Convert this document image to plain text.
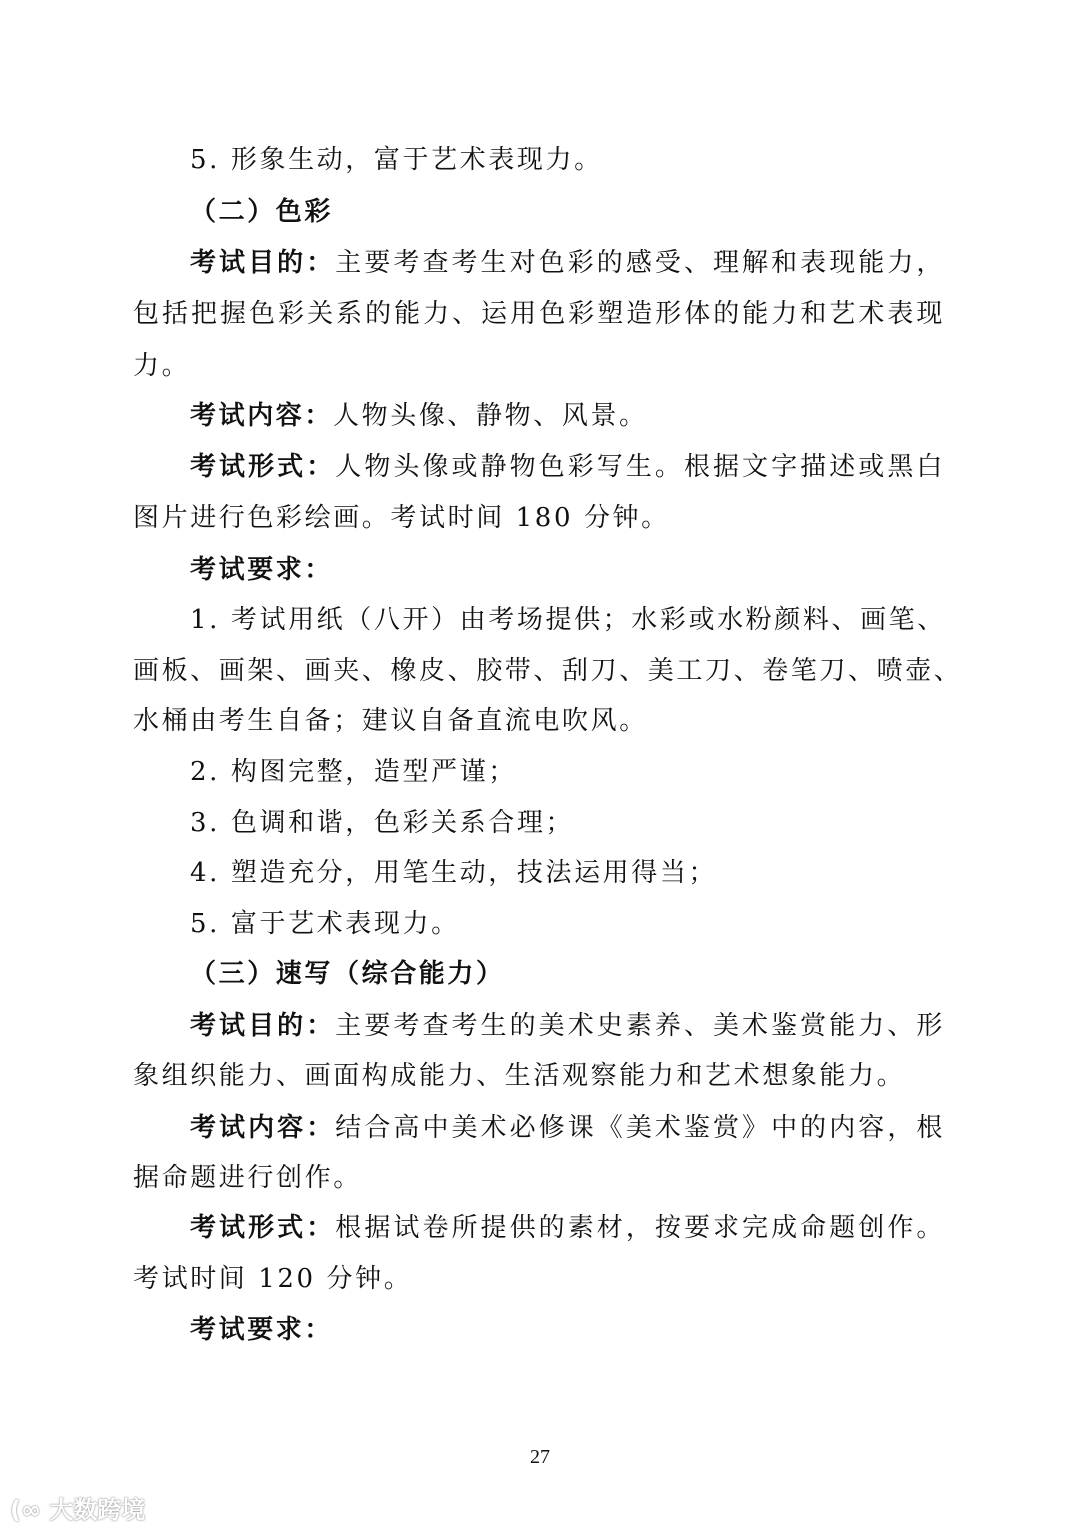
5. 形象生动，富于艺术表现力。
（二）色彩
考试目的：主要考查考生对色彩的感受、理解和表现能力，
包括把握色彩关系的能力、运用色彩塑造形体的能力和艺术表现
力。
考试内容：人物头像、静物、风景。
考试形式：人物头像或静物色彩写生。根据文字描述或黑白
图片进行色彩绘画。考试时间 180 分钟。
考试要求：
1. 考试用纸（八开）由考场提供；水彩或水粉颜料、画笔、
画板、画架、画夹、橡皮、胶带、刮刀、美工刀、卷笔刀、喷壶、
水桶由考生自备；建议自备直流电吹风。
2. 构图完整，造型严谨；
3. 色调和谐，色彩关系合理；
4. 塑造充分，用笔生动，技法运用得当；
5. 富于艺术表现力。
（三）速写（综合能力）
考试目的：主要考查考生的美术史素养、美术鉴赏能力、形
象组织能力、画面构成能力、生活观察能力和艺术想象能力。
考试内容：结合高中美术必修课《美术鉴赏》中的内容，根
据命题进行创作。
考试形式：根据试卷所提供的素材，按要求完成命题创作。
考试时间 120 分钟。
考试要求：
27
(∞ 大数跨境
